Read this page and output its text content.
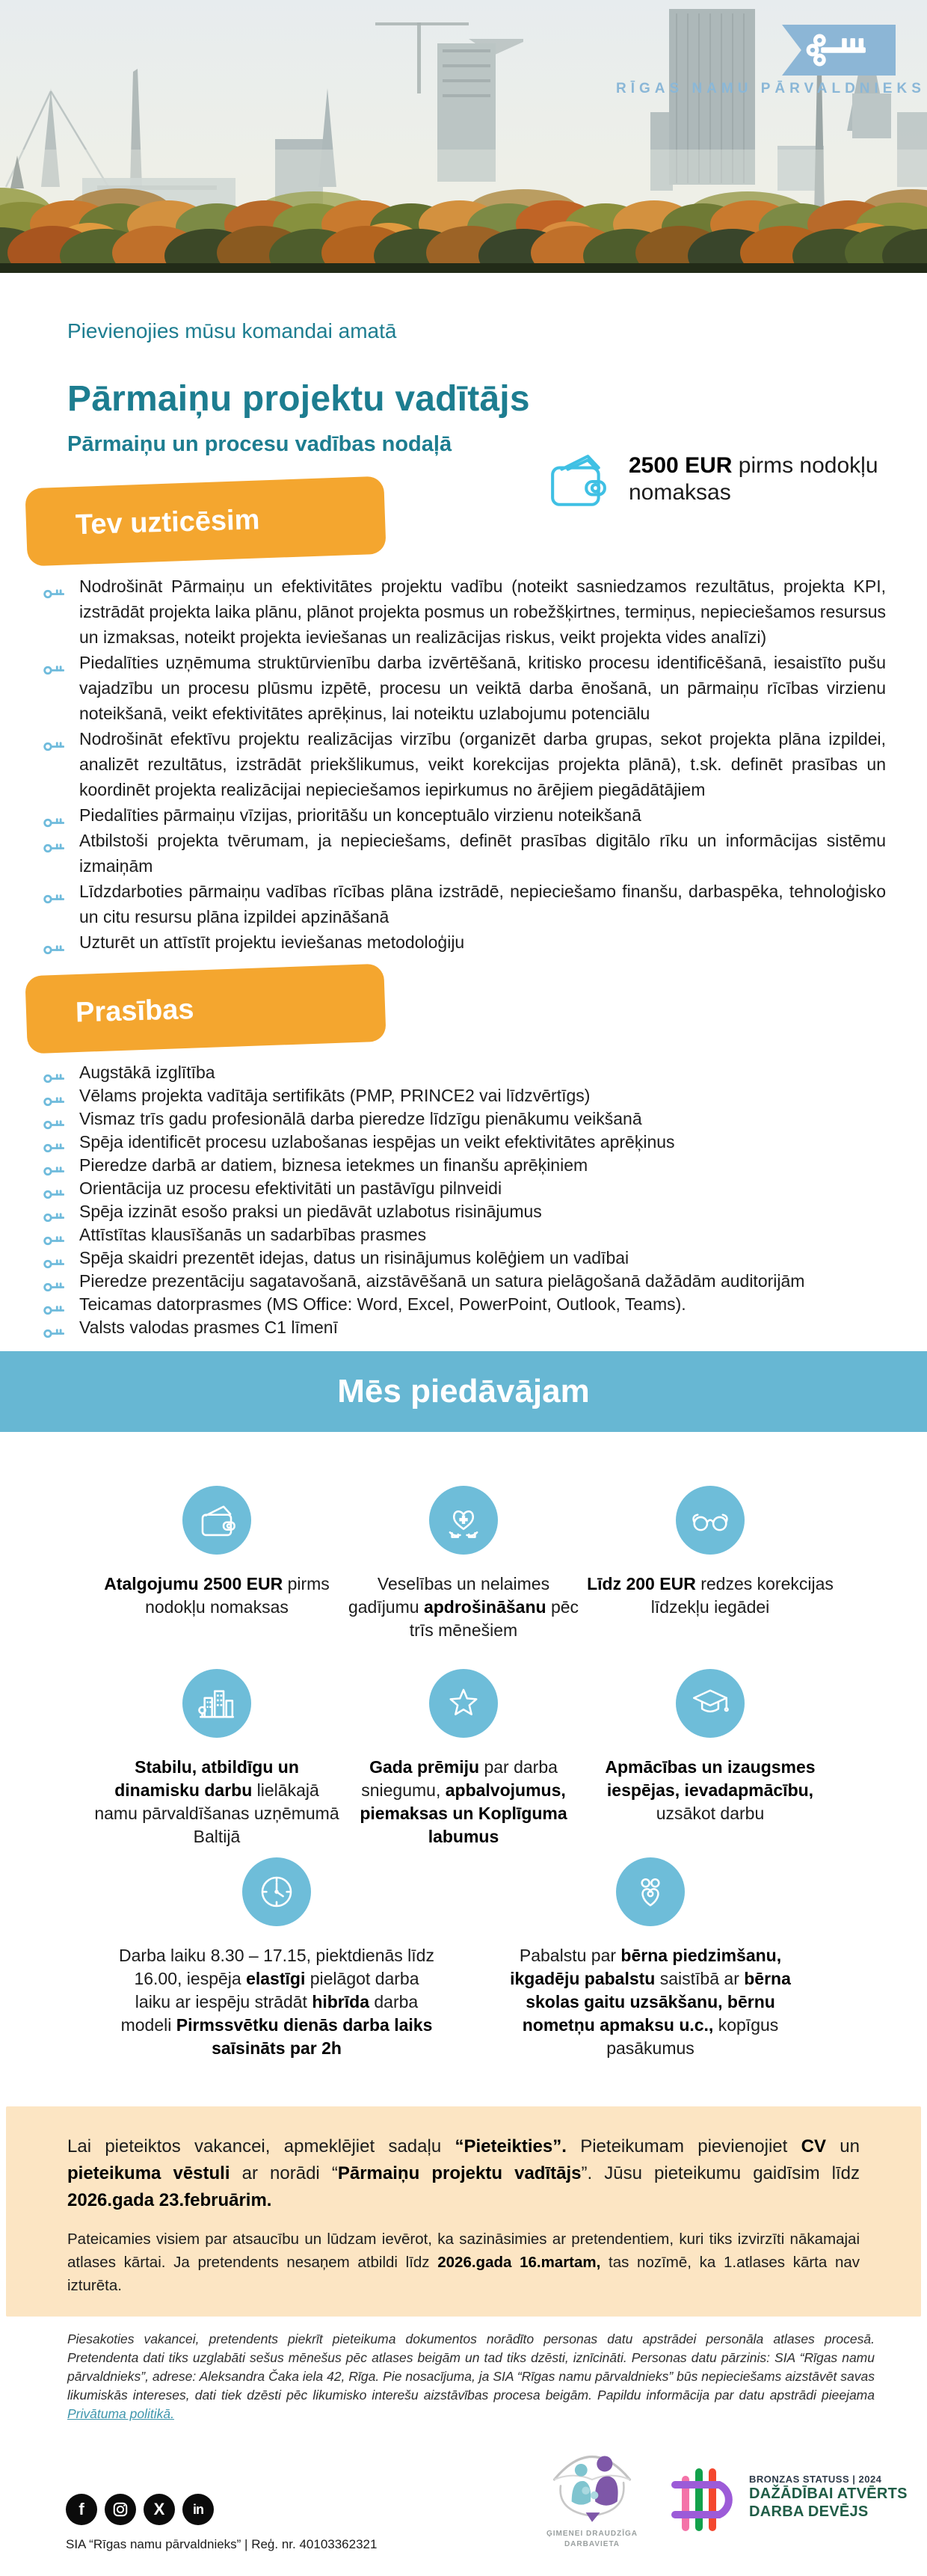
RĪGAS NAMU PĀRVALDNIEKS

Pievienojies mūsu komandai amatā

Pārmaiņu projektu vadītājs
Pārmaiņu un procesu vadības nodaļā

2500 EUR pirms nodokļu nomaksas

Tev uzticēsim
Nodrošināt Pārmaiņu un efektivitātes projektu vadību (noteikt sasniedzamos rezultātus, projekta KPI, izstrādāt projekta laika plānu, plānot projekta posmus un robežšķirtnes, termiņus, nepieciešamos resursus un izmaksas, noteikt projekta ieviešanas un realizācijas riskus, veikt projekta vides analīzi)
Piedalīties uzņēmuma struktūrvienību darba izvērtēšanā, kritisko procesu identificēšanā, iesaistīto pušu vajadzību un procesu plūsmu izpētē, procesu un veiktā darba ēnošanā, un pārmaiņu rīcības virzienu noteikšanā, veikt efektivitātes aprēķinus, lai noteiktu uzlabojumu potenciālu
Nodrošināt efektīvu projektu realizācijas virzību (organizēt darba grupas, sekot projekta plāna izpildei, analizēt rezultātus, izstrādāt priekšlikumus, veikt korekcijas projekta plānā), t.sk. definēt prasības un koordinēt projekta realizācijai nepieciešamos iepirkumus no ārējiem piegādātājiem
Piedalīties pārmaiņu vīzijas, prioritāšu un konceptuālo virzienu noteikšanā
Atbilstoši projekta tvērumam, ja nepieciešams, definēt prasības digitālo rīku un informācijas sistēmu izmaiņām
Līdzdarboties pārmaiņu vadības rīcības plāna izstrādē, nepieciešamo finanšu, darbaspēka, tehnoloģisko un citu resursu plāna izpildei apzināšanā
Uzturēt un attīstīt projektu ieviešanas metodoloģiju
Prasības
Augstākā izglītība
Vēlams projekta vadītāja sertifikāts (PMP, PRINCE2 vai līdzvērtīgs)
Vismaz trīs gadu profesionālā darba pieredze līdzīgu pienākumu veikšanā
Spēja identificēt procesu uzlabošanas iespējas un veikt efektivitātes aprēķinus
Pieredze darbā ar datiem, biznesa ietekmes un finanšu aprēķiniem
Orientācija uz procesu efektivitāti un pastāvīgu pilnveidi
Spēja izzināt esošo praksi un piedāvāt uzlabotus risinājumus
Attīstītas klausīšanās un sadarbības prasmes
Spēja skaidri prezentēt idejas, datus un risinājumus kolēģiem un vadībai
Pieredze prezentāciju sagatavošanā, aizstāvēšanā un satura pielāgošanā dažādām auditorijām
Teicamas datorprasmes (MS Office: Word, Excel, PowerPoint, Outlook, Teams).
Valsts valodas prasmes C1 līmenī
Mēs piedāvājam

Atalgojumu 2500 EUR pirms nodokļu nomaksas

Veselības un nelaimes gadījumu apdrošināšanu pēc trīs mēnešiem

Līdz 200 EUR redzes korekcijas līdzekļu iegādei

Stabilu, atbildīgu un dinamisku darbu lielākajā namu pārvaldīšanas uzņēmumā Baltijā

Gada prēmiju par darba sniegumu, apbalvojumus, piemaksas un Koplīguma labumus

Apmācības un izaugsmes iespējas, ievadapmācību, uzsākot darbu

Darba laiku 8.30 – 17.15, piektdienās līdz 16.00, iespēja elastīgi pielāgot darba laiku ar iespēju strādāt hibrīda darba modeli Pirmssvētku dienās darba laiks saīsināts par 2h

Pabalstu par bērna piedzimšanu, ikgadēju pabalstu saistībā ar bērna skolas gaitu uzsākšanu, bērnu nometņu apmaksu u.c., kopīgus pasākumus

Lai pieteiktos vakancei, apmeklējiet sadaļu “Pieteikties”. Pieteikumam pievienojiet CV un pieteikuma vēstuli ar norādi “Pārmaiņu projektu vadītājs”. Jūsu pieteikumu gaidīsim līdz 2026.gada 23.februārim.

Pateicamies visiem par atsaucību un lūdzam ievērot, ka sazināsimies ar pretendentiem, kuri tiks izvirzīti nākamajai atlases kārtai. Ja pretendents nesaņem atbildi līdz 2026.gada 16.martam, tas nozīmē, ka 1.atlases kārta nav izturēta.

Piesakoties vakancei, pretendents piekrīt pieteikuma dokumentos norādīto personas datu apstrādei personāla atlases procesā. Pretendenta dati tiks uzglabāti sešus mēnešus pēc atlases beigām un tad tiks dzēsti, iznīcināti. Personas datu pārzinis: SIA “Rīgas namu pārvaldnieks”, adrese: Aleksandra Čaka iela 42, Rīga. Pie nosacījuma, ja SIA “Rīgas namu pārvaldnieks” būs nepieciešams aizstāvēt savas likumiskās intereses, dati tiek dzēsti pēc likumisko interešu aizstāvības procesa beigām. Papildu informācija par datu apstrādi pieejama Privātuma politikā.

f	X in
SIA “Rīgas namu pārvaldnieks” | Reģ. nr. 40103362321
ĢIMENEI DRAUDZĪGA
DARBAVIETA
BRONZAS STATUSS | 2024
DAŽĀDĪBAI ATVĒRTS
DARBA DEVĒJS
